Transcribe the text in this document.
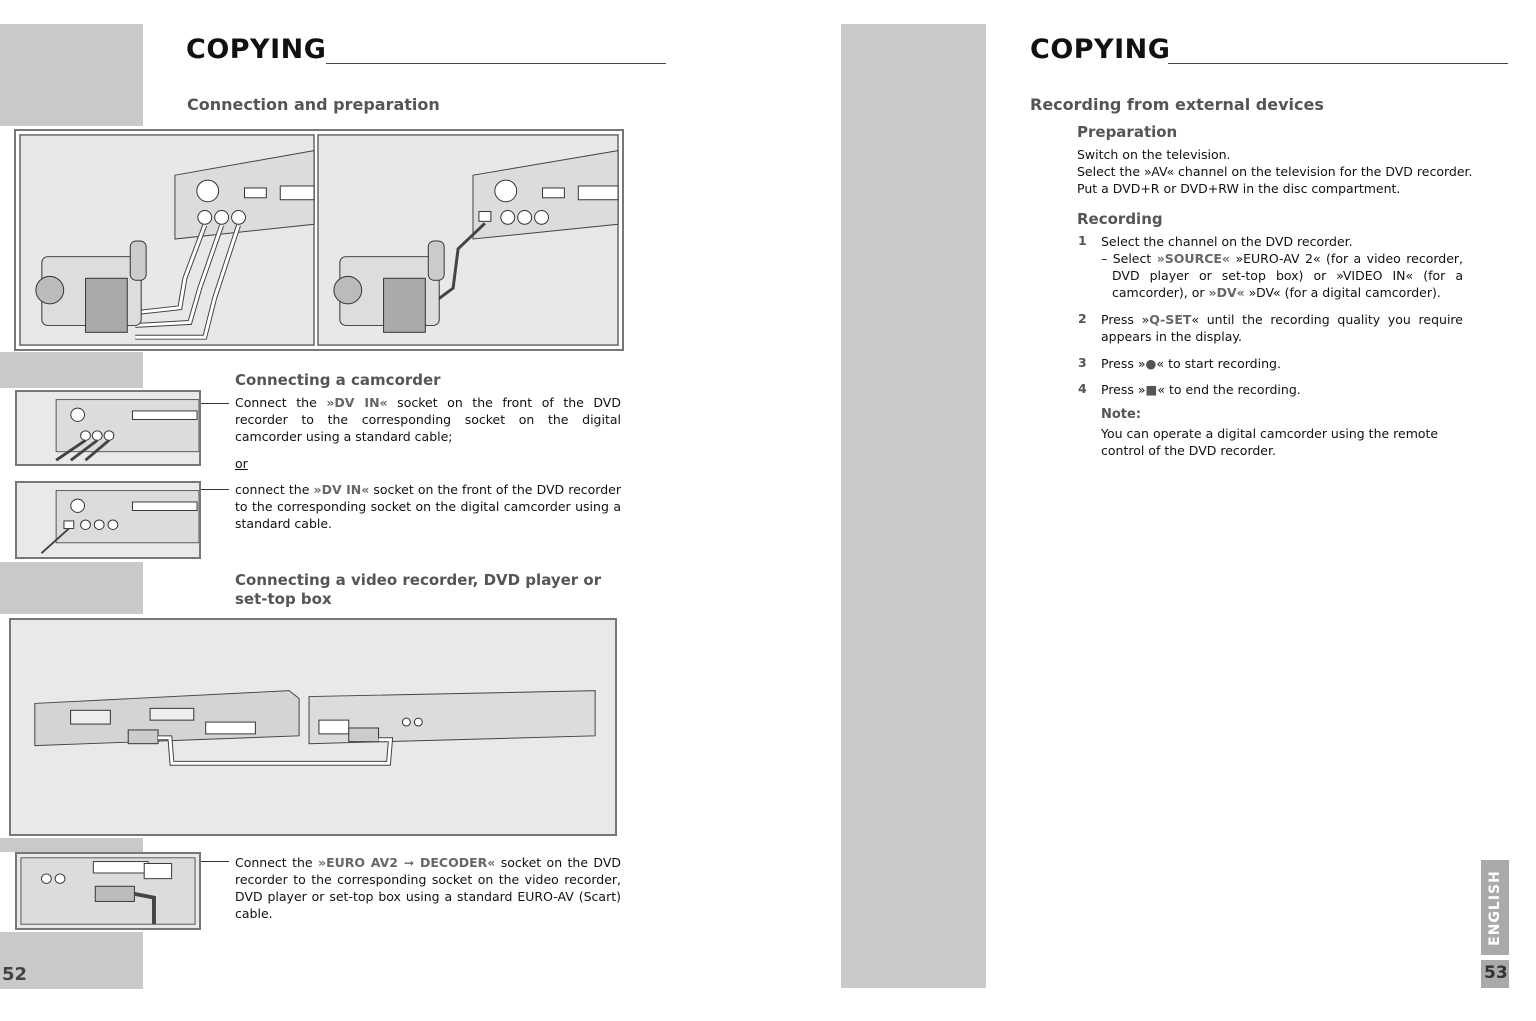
COPYING
Connection and preparation
Connecting a camcorder
Connect the »DV IN« socket on the front of the DVD recorder to the corresponding socket on the digital camcorder using a standard cable;
or
connect the »DV IN« socket on the front of the DVD recorder to the corresponding socket on the digital camcorder using a standard cable.
Connecting a video recorder, DVD player or
set-top box
Connect the »EURO AV2 ➞ DECODER« socket on the DVD recorder to the corresponding socket on the video recorder, DVD player or set-top box using a standard EURO-AV (Scart) cable.
52
COPYING
Recording from external devices
Preparation
Switch on the television.
Select the »AV« channel on the television for the DVD recorder.
Put a DVD+R or DVD+RW in the disc compartment.
Recording
1 Select the channel on the DVD recorder.
– Select »SOURCE« »EURO-AV 2« (for a video recorder, DVD player or set-top box) or »VIDEO IN« (for a camcorder), or »DV« »DV« (for a digital camcorder).
2 Press »Q-SET« until the recording quality you require appears in the display.
3 Press »●« to start recording.
4 Press »■« to end the recording.
Note:
You can operate a digital camcorder using the remote control of the DVD recorder.
ENGLISH
53
